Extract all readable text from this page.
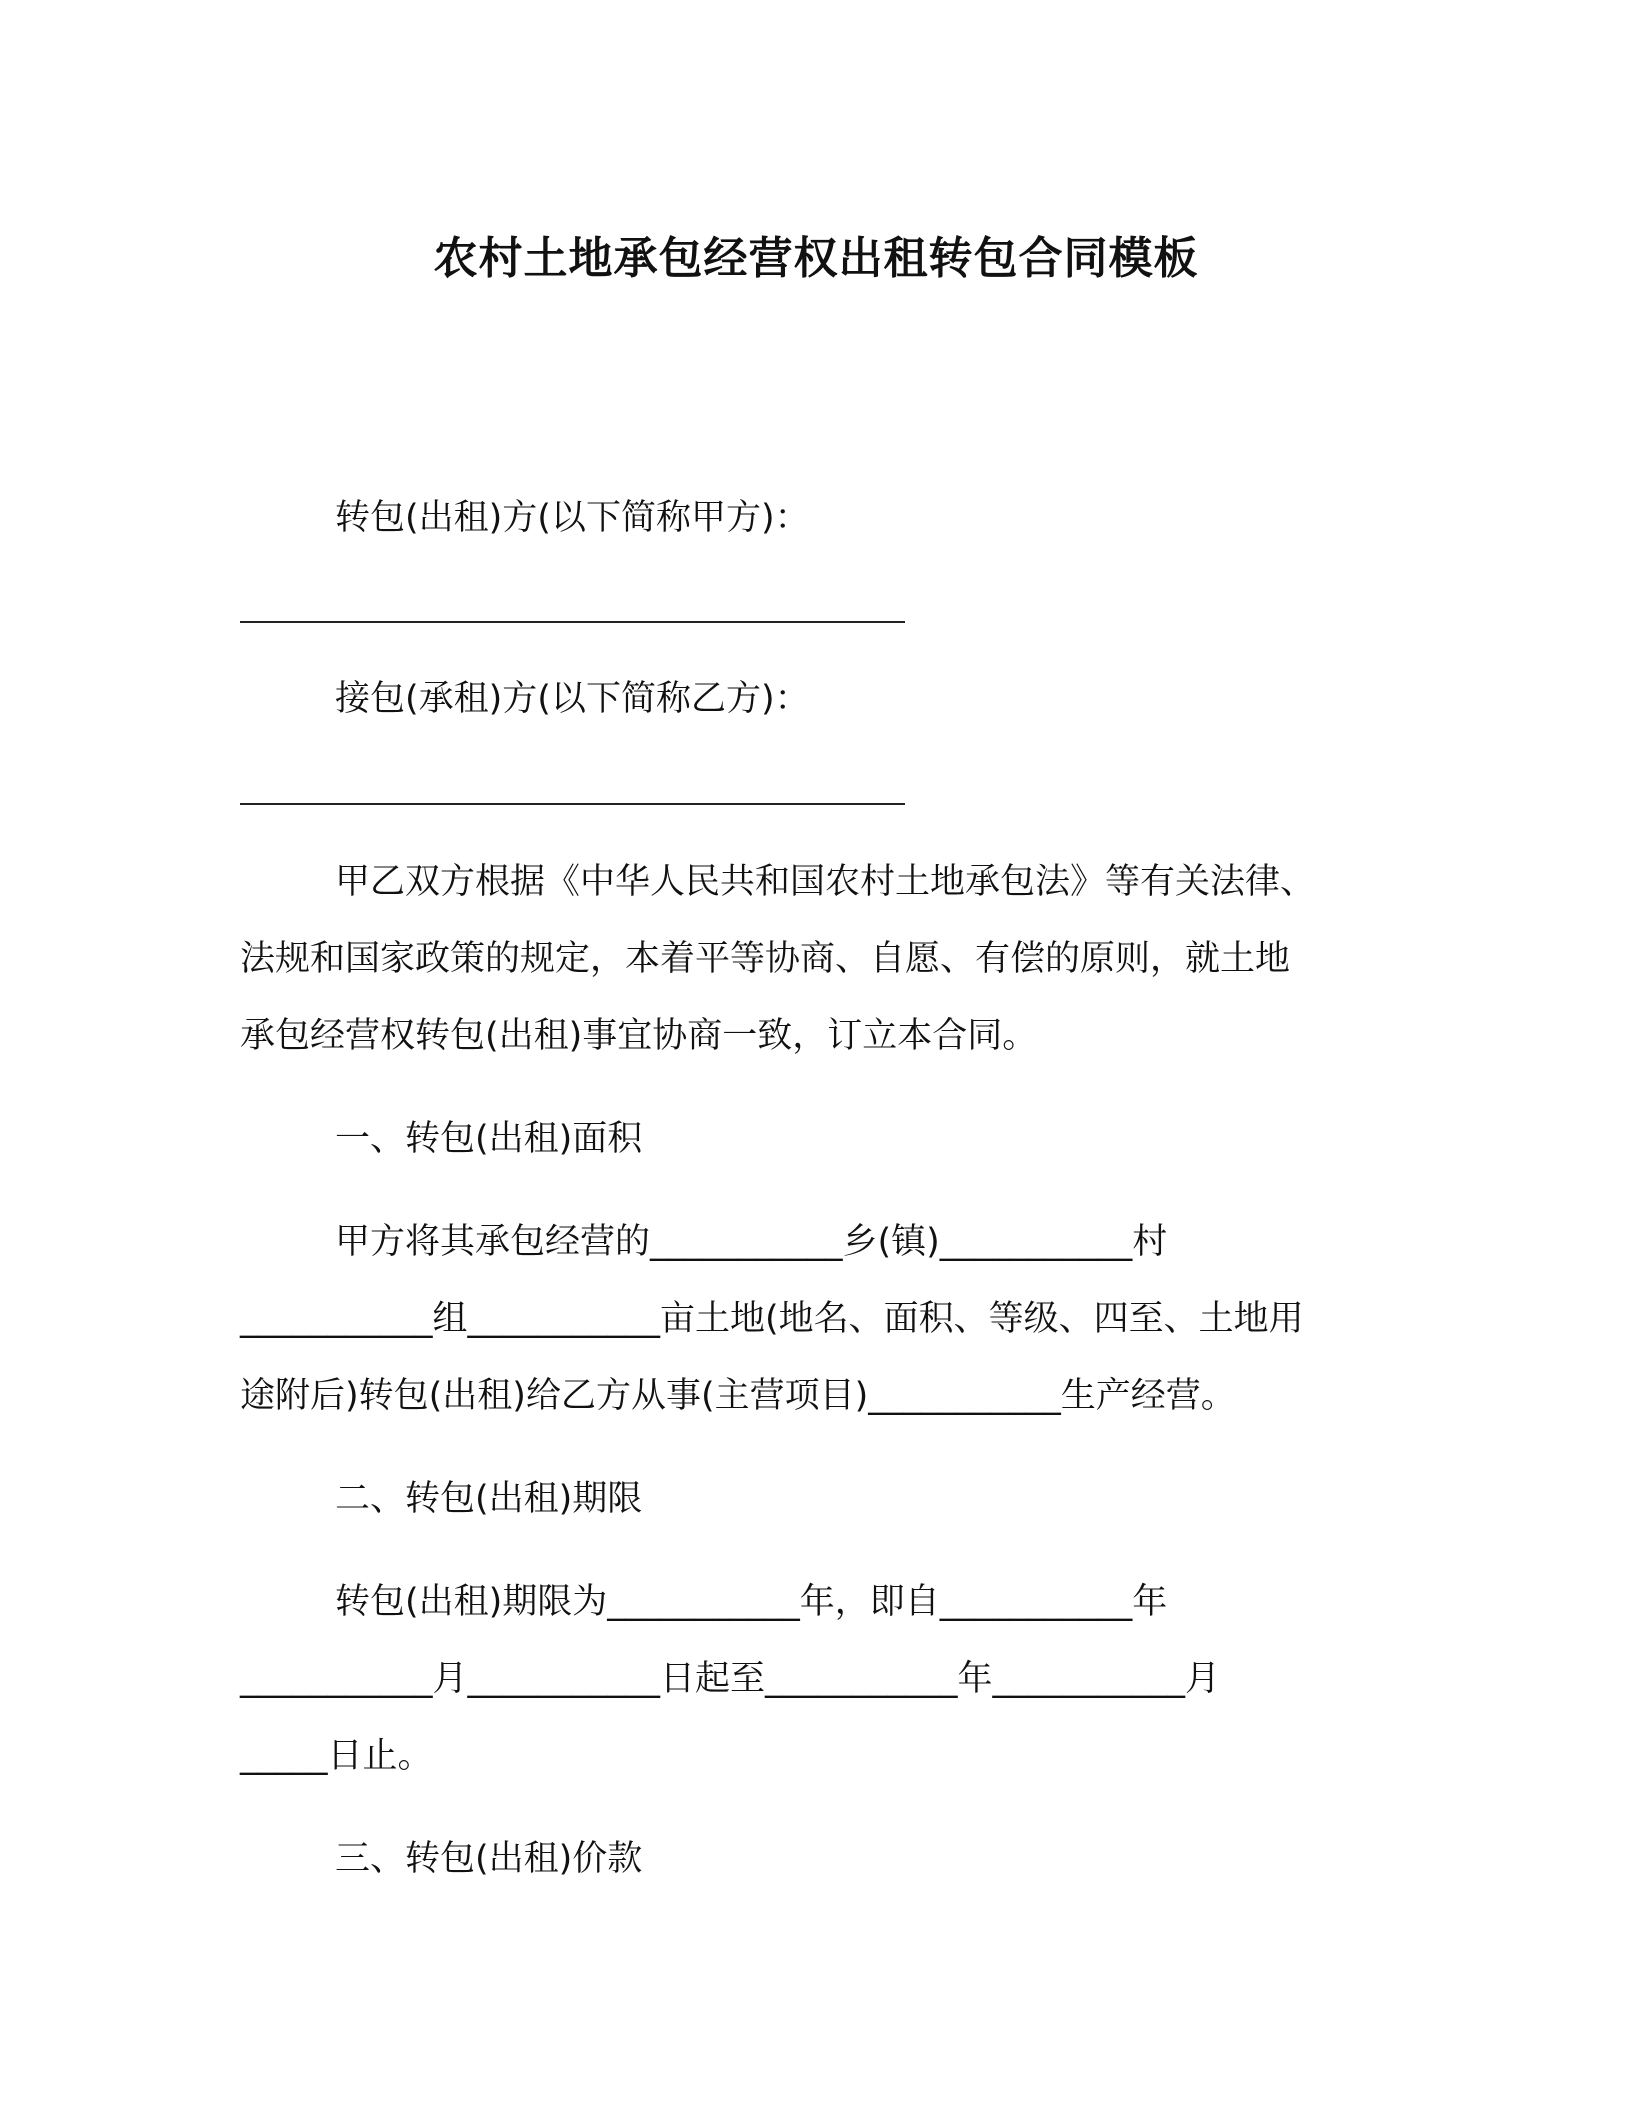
农村土地承包经营权出租转包合同模板
转包(出租)方(以下简称甲方)：
接包(承租)方(以下简称乙方)：
甲乙双方根据《中华人民共和国农村土地承包法》等有关法律、
法规和国家政策的规定，本着平等协商、自愿、有偿的原则，就土地
承包经营权转包(出租)事宜协商一致，订立本合同。
一、转包(出租)面积
甲方将其承包经营的___________乡(镇)___________村
___________组___________亩土地(地名、面积、等级、四至、土地用
途附后)转包(出租)给乙方从事(主营项目)___________生产经营。
二、转包(出租)期限
转包(出租)期限为___________年，即自___________年
___________月___________日起至___________年___________月
_____日止。
三、转包(出租)价款
